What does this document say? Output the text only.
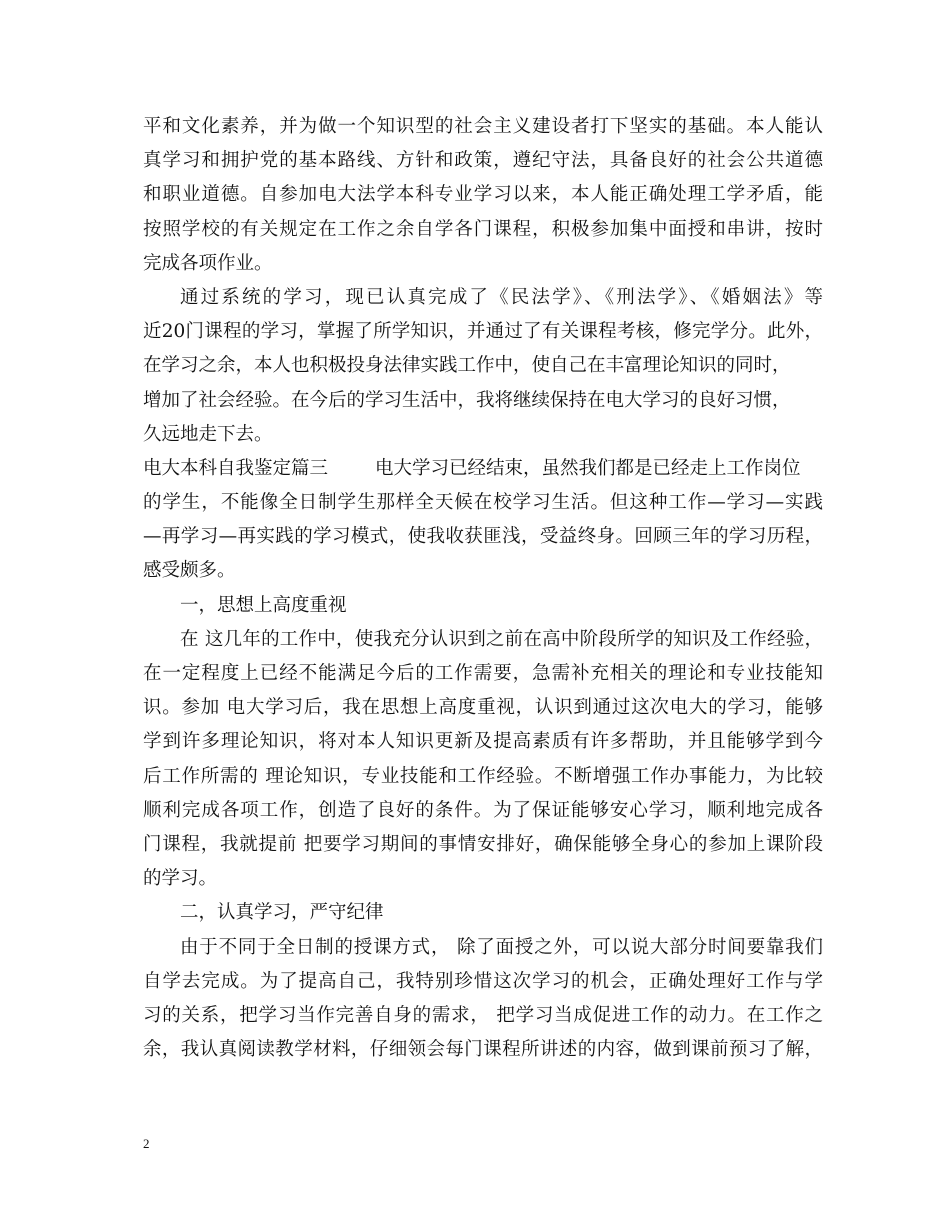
平和文化素养，并为做一个知识型的社会主义建设者打下坚实的基础。本人能认
真学习和拥护党的基本路线、方针和政策，遵纪守法，具备良好的社会公共道德
和职业道德。自参加电大法学本科专业学习以来，本人能正确处理工学矛盾，能
按照学校的有关规定在工作之余自学各门课程，积极参加集中面授和串讲，按时
完成各项作业。
通过系统的学习，现已认真完成了《民法学》、《刑法学》、《婚姻法》等
近20门课程的学习，掌握了所学知识，并通过了有关课程考核，修完学分。此外，
在学习之余，本人也积极投身法律实践工作中，使自己在丰富理论知识的同时，
增加了社会经验。在今后的学习生活中，我将继续保持在电大学习的良好习惯，
久远地走下去。
电大本科自我鉴定篇三        电大学习已经结束，虽然我们都是已经走上工作岗位
的学生，不能像全日制学生那样全天候在校学习生活。但这种工作—学习—实践
—再学习—再实践的学习模式，使我收获匪浅，受益终身。回顾三年的学习历程，
感受颇多。
一，思想上高度重视
在 这几年的工作中，使我充分认识到之前在高中阶段所学的知识及工作经验，
在一定程度上已经不能满足今后的工作需要，急需补充相关的理论和专业技能知
识。参加 电大学习后，我在思想上高度重视，认识到通过这次电大的学习，能够
学到许多理论知识，将对本人知识更新及提高素质有许多帮助，并且能够学到今
后工作所需的 理论知识，专业技能和工作经验。不断增强工作办事能力，为比较
顺利完成各项工作，创造了良好的条件。为了保证能够安心学习，顺利地完成各
门课程，我就提前 把要学习期间的事情安排好，确保能够全身心的参加上课阶段
的学习。
二，认真学习，严守纪律
由于不同于全日制的授课方式， 除了面授之外，可以说大部分时间要靠我们
自学去完成。为了提高自己，我特别珍惜这次学习的机会，正确处理好工作与学
习的关系，把学习当作完善自身的需求， 把学习当成促进工作的动力。在工作之
余，我认真阅读教学材料，仔细领会每门课程所讲述的内容，做到课前预习了解，
2
